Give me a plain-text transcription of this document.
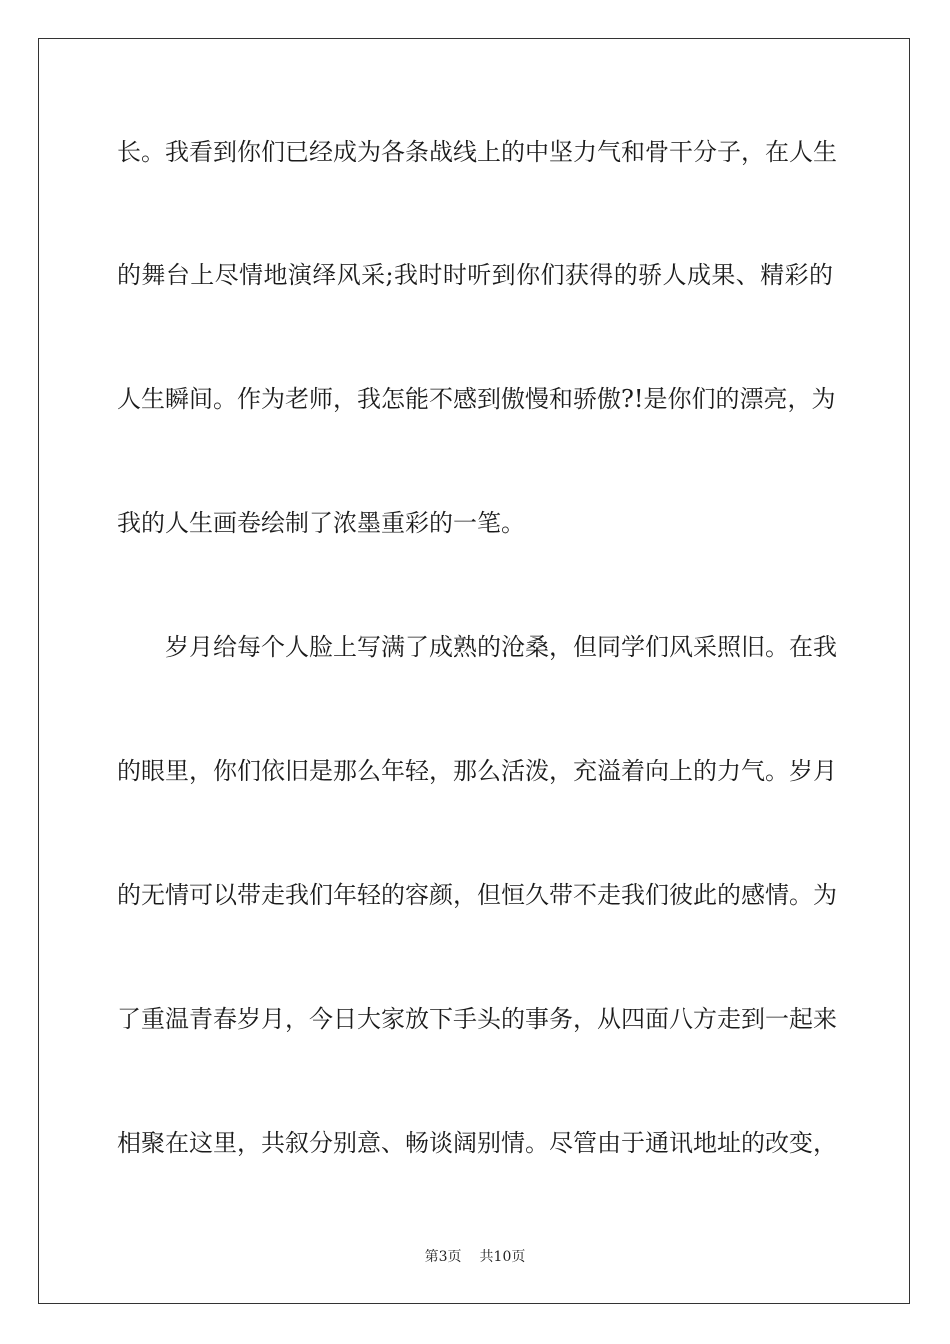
长。我看到你们已经成为各条战线上的中坚力气和骨干分子，在人生
的舞台上尽情地演绎风采;我时时听到你们获得的骄人成果、精彩的
人生瞬间。作为老师，我怎能不感到傲慢和骄傲?!是你们的漂亮，为
我的人生画卷绘制了浓墨重彩的一笔。
岁月给每个人脸上写满了成熟的沧桑，但同学们风采照旧。在我
的眼里，你们依旧是那么年轻，那么活泼，充溢着向上的力气。岁月
的无情可以带走我们年轻的容颜，但恒久带不走我们彼此的感情。为
了重温青春岁月，今日大家放下手头的事务，从四面八方走到一起来
相聚在这里，共叙分别意、畅谈阔别情。尽管由于通讯地址的改变，
第3页 共10页
